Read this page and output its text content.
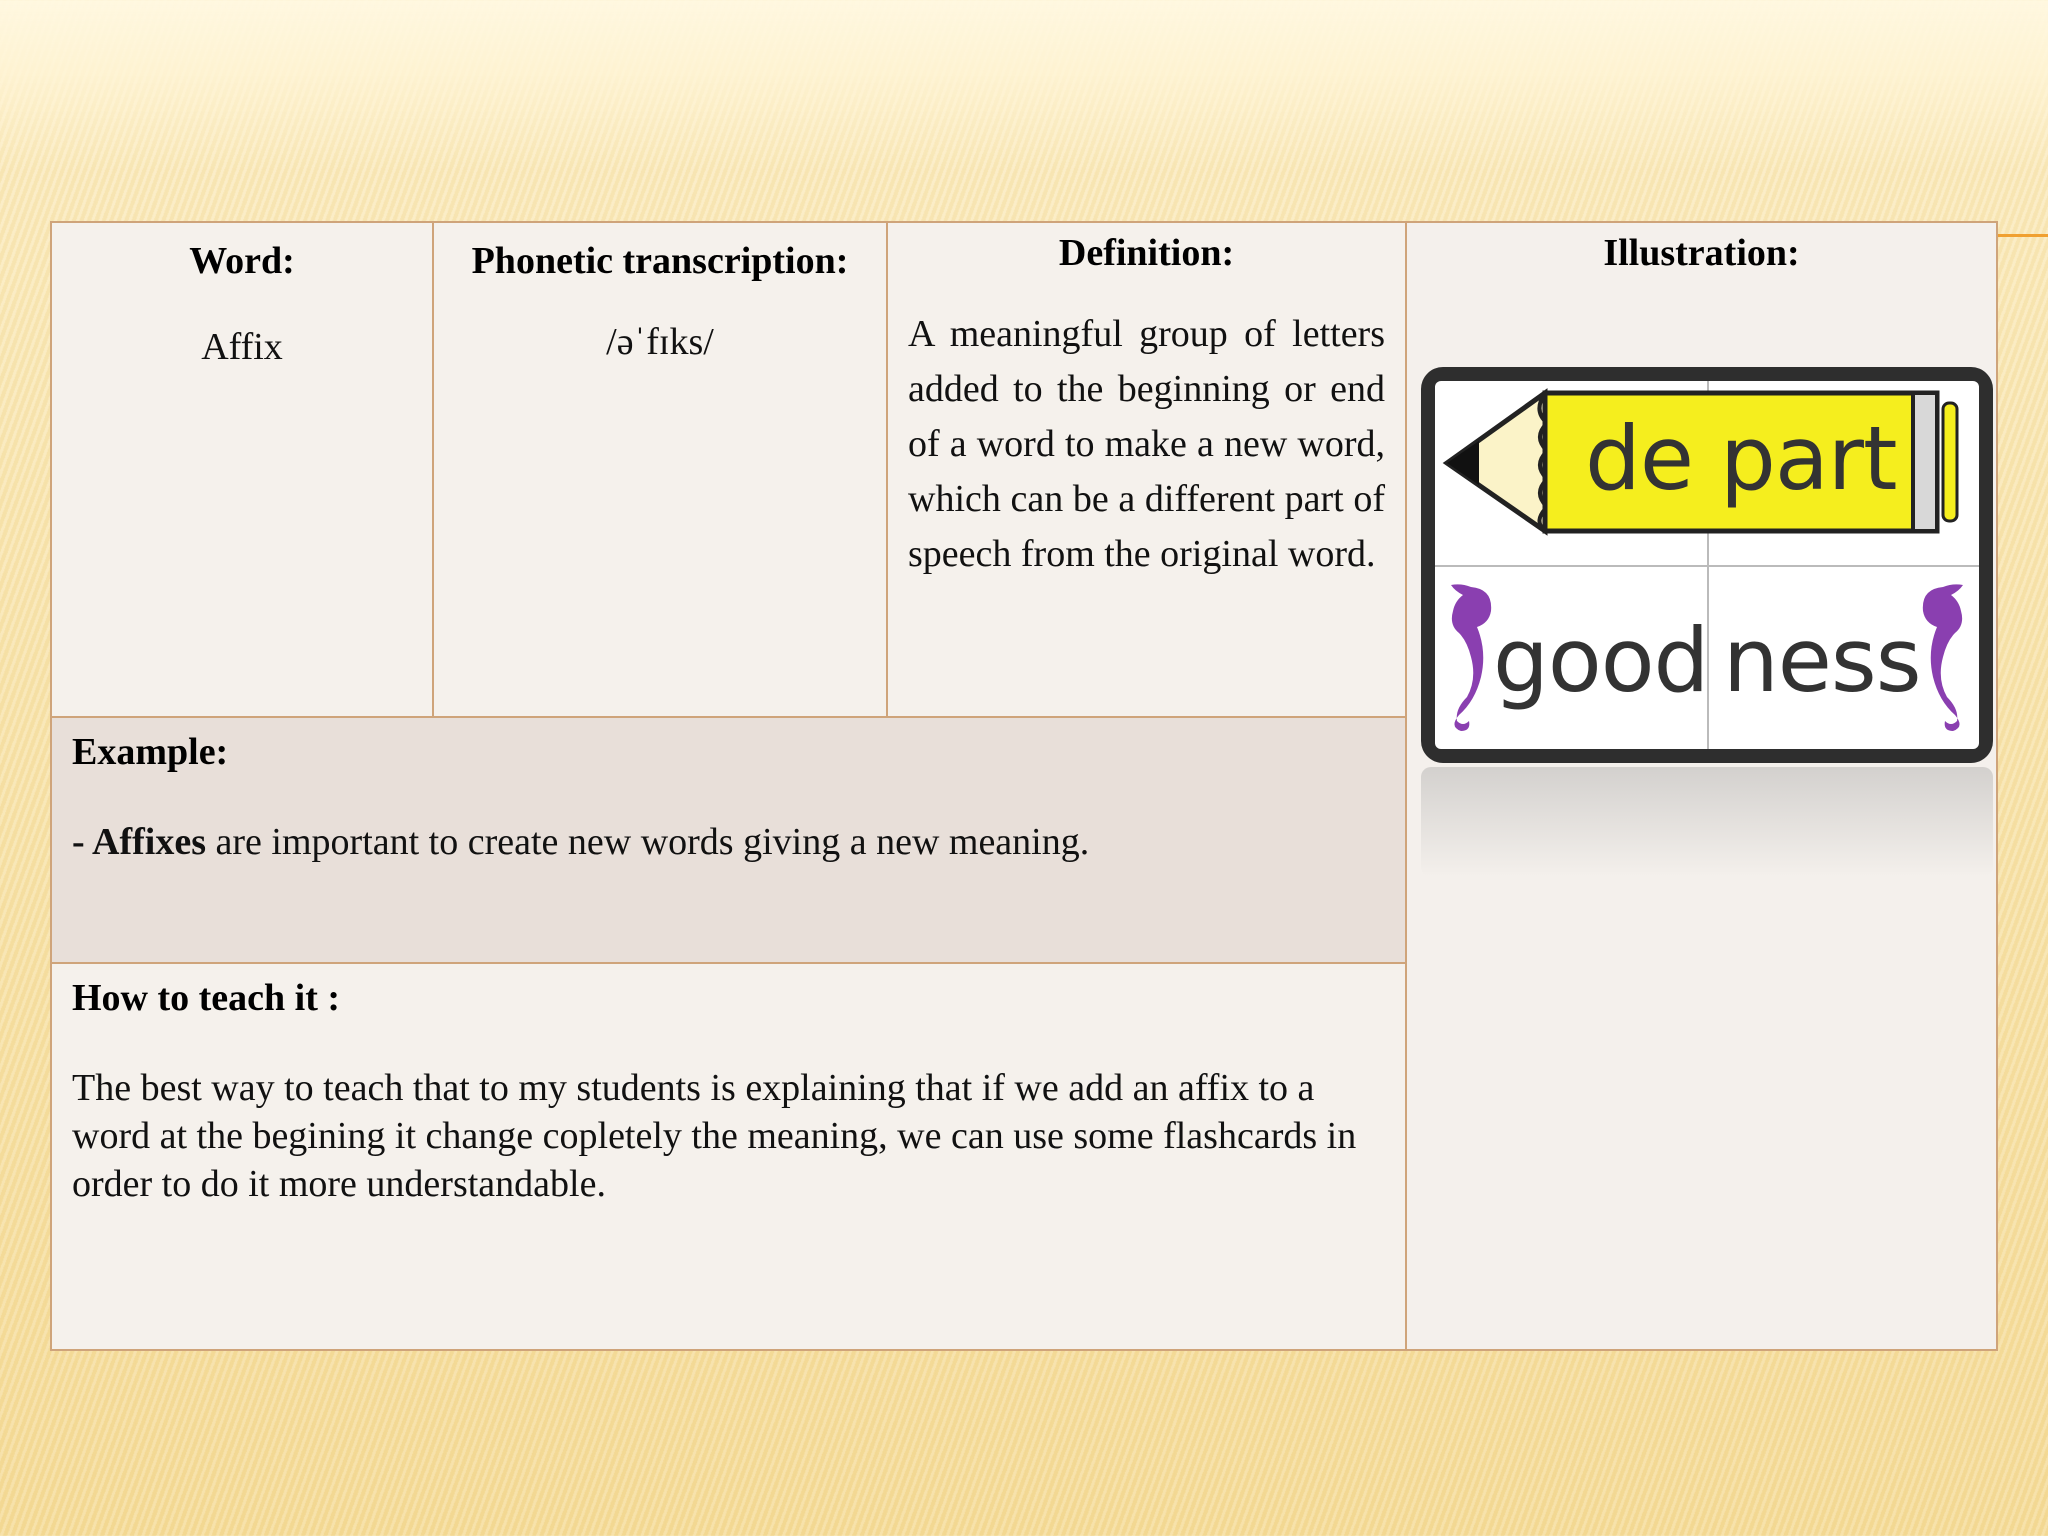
Word:
Affix

Phonetic transcription:
/əˈfɪks/

Definition:
A meaningful group of letters added to the beginning or end of a word to make a new word, which can be a different part of speech from the original word.

Illustration:

Example:
- Affixes are important to create new words giving a new meaning.

How to teach it :
The best way to teach that to my students is explaining that if we add an affix to a word at the begining it change copletely the meaning, we can use some flashcards in order to do it more understandable.
de part
good ness
